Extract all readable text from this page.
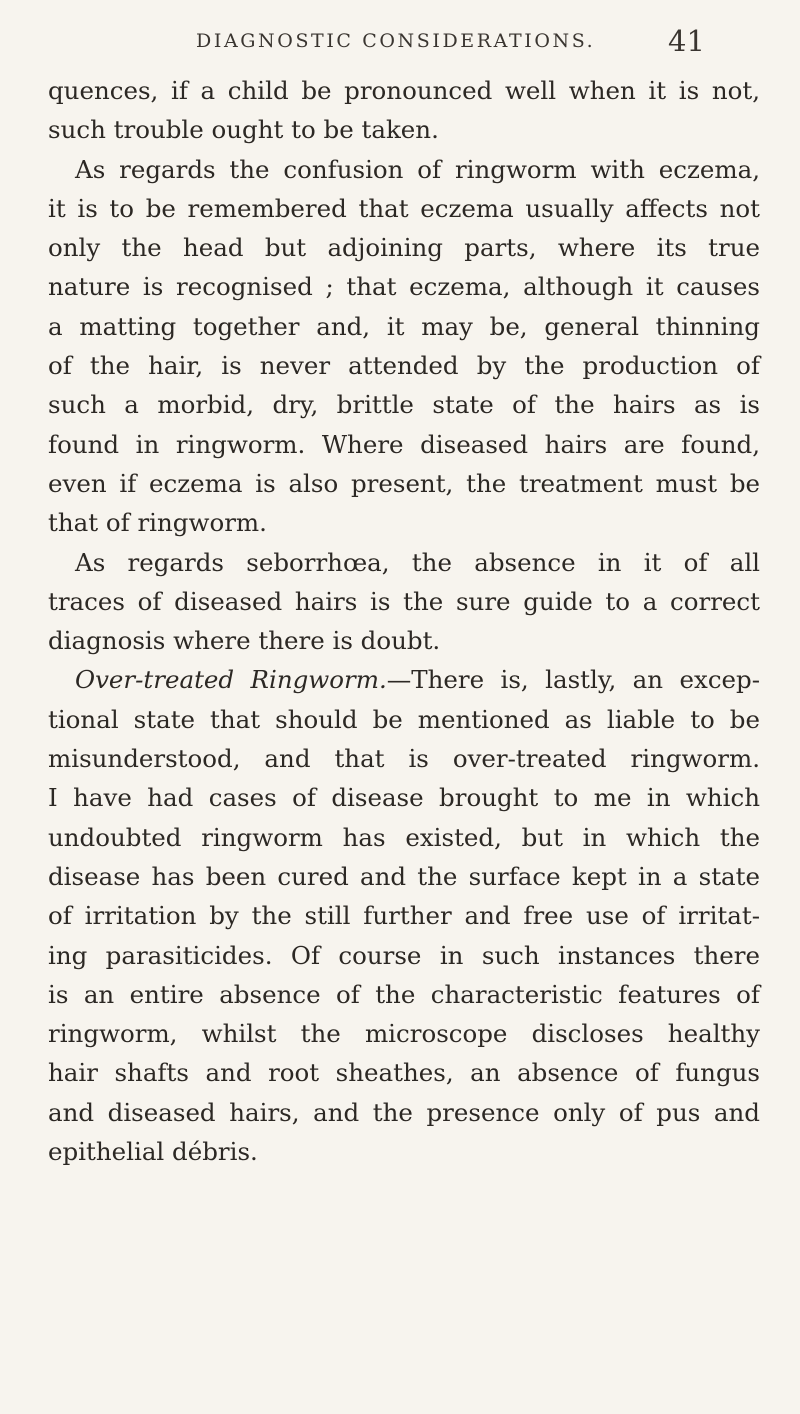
DIAGNOSTIC CONSIDERATIONS.	41
quences, if a child be pronounced well when it is not,
such trouble ought to be taken.
As regards the confusion of ringworm with eczema,
it is to be remembered that eczema usually affects not
only the head but adjoining parts, where its true
nature is recognised ; that eczema, although it causes
a matting together and, it may be, general thinning
of the hair, is never attended by the production of
such a morbid, dry, brittle state of the hairs as is
found in ringworm. Where diseased hairs are found,
even if eczema is also present, the treatment must be
that of ringworm.
As regards seborrhœa, the absence in it of all
traces of diseased hairs is the sure guide to a correct
diagnosis where there is doubt.
Over-treated Ringworm.—There is, lastly, an excep-
tional state that should be mentioned as liable to be
misunderstood, and that is over-treated ringworm.
I have had cases of disease brought to me in which
undoubted ringworm has existed, but in which the
disease has been cured and the surface kept in a state
of irritation by the still further and free use of irritat-
ing parasiticides. Of course in such instances there
is an entire absence of the characteristic features of
ringworm, whilst the microscope discloses healthy
hair shafts and root sheathes, an absence of fungus
and diseased hairs, and the presence only of pus and
epithelial débris.
